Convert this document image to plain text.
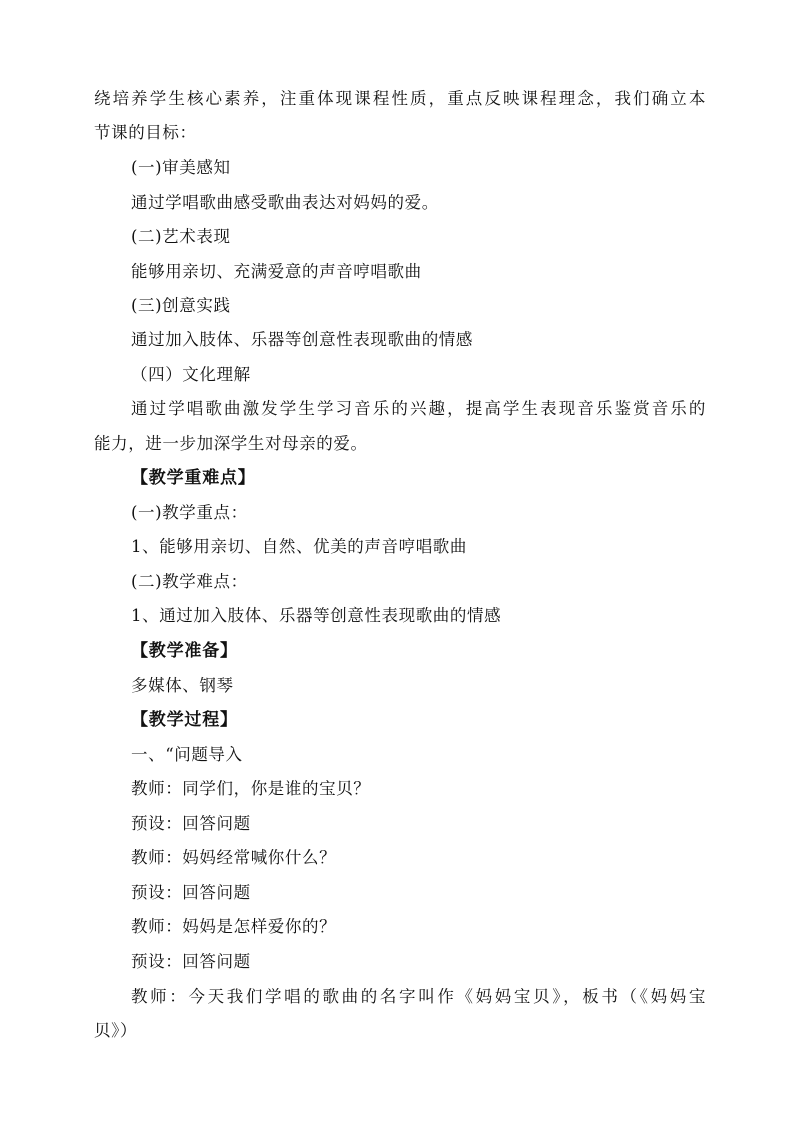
绕培养学生核心素养，注重体现课程性质，重点反映课程理念，我们确立本
节课的目标：
(一)审美感知
通过学唱歌曲感受歌曲表达对妈妈的爱。
(二)艺术表现
能够用亲切、充满爱意的声音哼唱歌曲
(三)创意实践
通过加入肢体、乐器等创意性表现歌曲的情感
（四）文化理解
通过学唱歌曲激发学生学习音乐的兴趣，提高学生表现音乐鉴赏音乐的
能力，进一步加深学生对母亲的爱。
【教学重难点】
(一)教学重点：
1、能够用亲切、自然、优美的声音哼唱歌曲
(二)教学难点：
1、通过加入肢体、乐器等创意性表现歌曲的情感
【教学准备】
多媒体、钢琴
【教学过程】
一、“问题导入
教师：同学们，你是谁的宝贝？
预设：回答问题
教师：妈妈经常喊你什么？
预设：回答问题
教师：妈妈是怎样爱你的？
预设：回答问题
教师：今天我们学唱的歌曲的名字叫作《妈妈宝贝》，板书（《妈妈宝
贝》）
